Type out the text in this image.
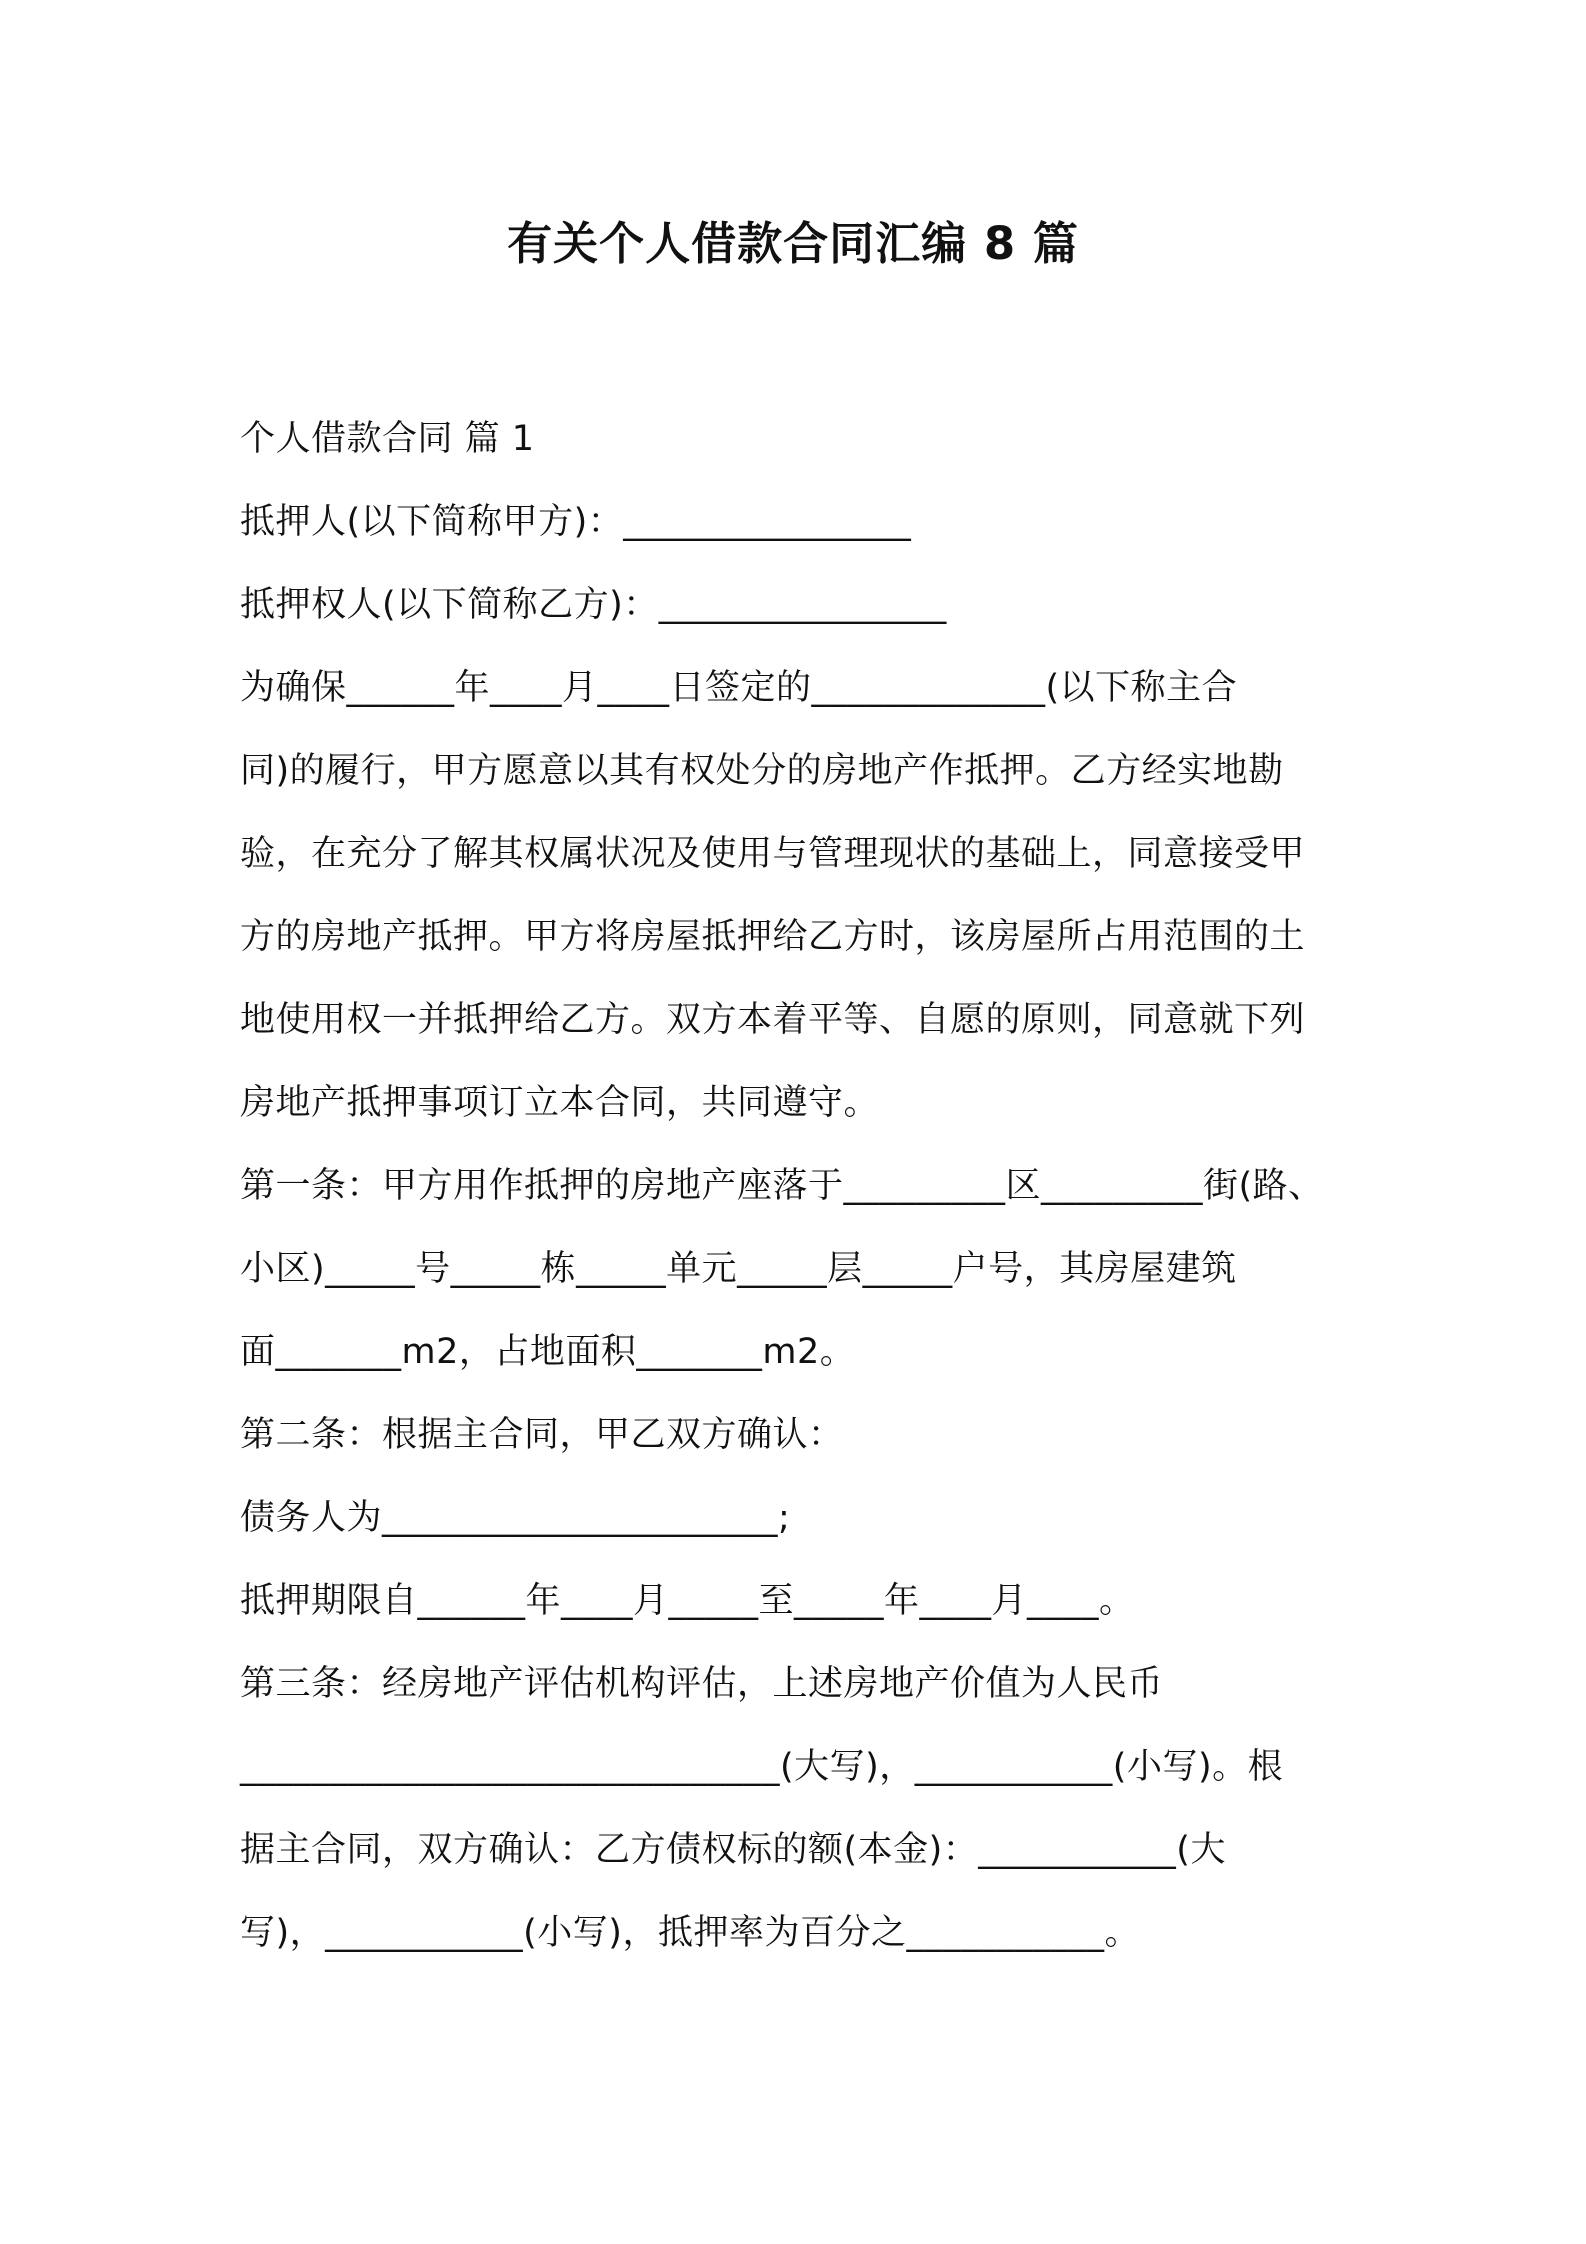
有关个人借款合同汇编 8 篇
个人借款合同 篇 1
抵押人(以下简称甲方)：________________
抵押权人(以下简称乙方)：________________
为确保______年____月____日签定的_____________(以下称主合
同)的履行，甲方愿意以其有权处分的房地产作抵押。乙方经实地勘
验，在充分了解其权属状况及使用与管理现状的基础上，同意接受甲
方的房地产抵押。甲方将房屋抵押给乙方时，该房屋所占用范围的土
地使用权一并抵押给乙方。双方本着平等、自愿的原则，同意就下列
房地产抵押事项订立本合同，共同遵守。
第一条：甲方用作抵押的房地产座落于_________区_________街(路、
小区)_____号_____栋_____单元_____层_____户号，其房屋建筑
面_______m2，占地面积_______m2。
第二条：根据主合同，甲乙双方确认：
债务人为______________________;
抵押期限自______年____月_____至_____年____月____。
第三条：经房地产评估机构评估，上述房地产价值为人民币
______________________________(大写)，___________(小写)。根
据主合同，双方确认：乙方债权标的额(本金)：___________(大
写)，___________(小写)，抵押率为百分之___________。
